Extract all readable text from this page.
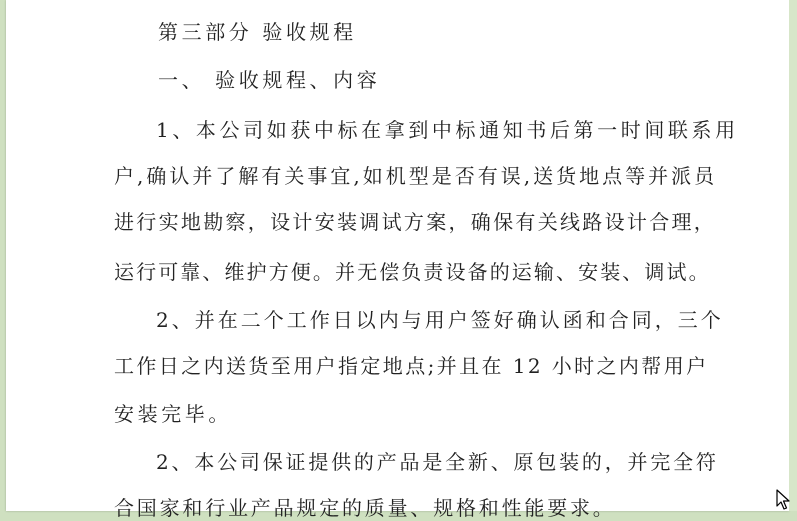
第三部分 验收规程
一、 验收规程、内容
1、本公司如获中标在拿到中标通知书后第一时间联系用
户,确认并了解有关事宜,如机型是否有误,送货地点等并派员
进行实地勘察，设计安装调试方案，确保有关线路设计合理，
运行可靠、维护方便。并无偿负责设备的运输、安装、调试。
2、并在二个工作日以内与用户签好确认函和合同，三个
工作日之内送货至用户指定地点;并且在 12 小时之内帮用户
安装完毕。
2、本公司保证提供的产品是全新、原包装的，并完全符
合国家和行业产品规定的质量、规格和性能要求。
